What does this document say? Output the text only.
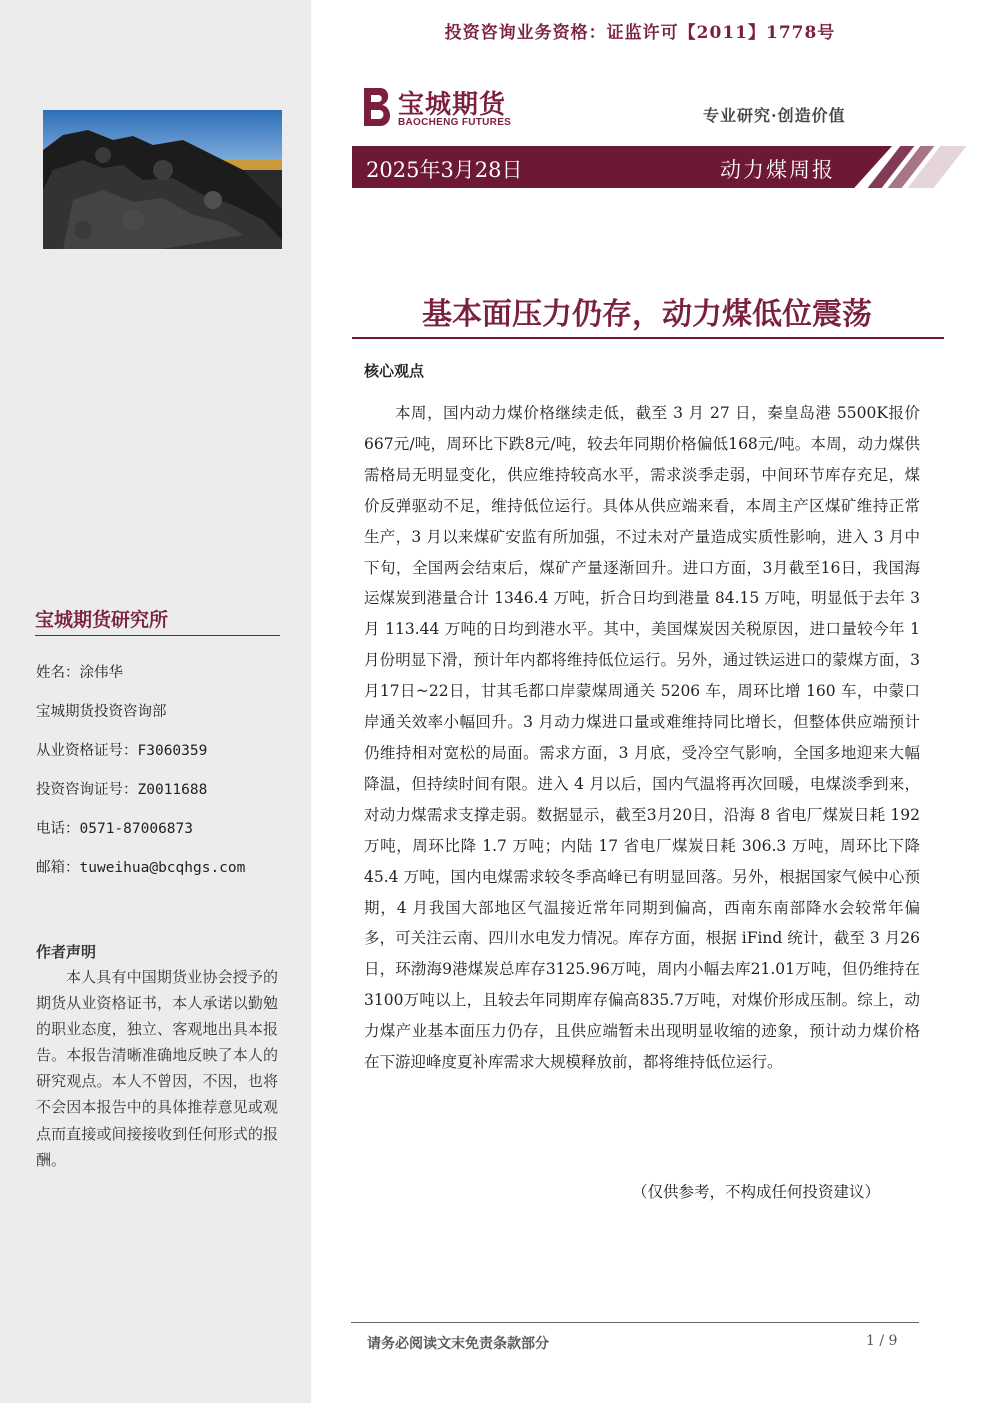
投资咨询业务资格：证监许可【2011】1778号
宝城期货
BAOCHENG FUTURES	专业研究·创造价值
2025年3月28日	动力煤周报
基本面压力仍存，动力煤低位震荡
核心观点

本周，国内动力煤价格继续走低，截至 3 月 27 日，秦皇岛港 5500K报价667元/吨，周环比下跌8元/吨，较去年同期价格偏低168元/吨。本周，动力煤供需格局无明显变化，供应维持较高水平，需求淡季走弱，中间环节库存充足，煤价反弹驱动不足，维持低位运行。具体从供应端来看，本周主产区煤矿维持正常生产，3 月以来煤矿安监有所加强，不过未对产量造成实质性影响，进入 3 月中下旬，全国两会结束后，煤矿产量逐渐回升。进口方面，3月截至16日，我国海运煤炭到港量合计 1346.4 万吨，折合日均到港量 84.15 万吨，明显低于去年 3 月 113.44 万吨的日均到港水平。其中，美国煤炭因关税原因，进口量较今年 1 月份明显下滑，预计年内都将维持低位运行。另外，通过铁运进口的蒙煤方面，3月17日~22日，甘其毛都口岸蒙煤周通关 5206 车，周环比增 160 车，中蒙口岸通关效率小幅回升。3 月动力煤进口量或难维持同比增长，但整体供应端预计仍维持相对宽松的局面。需求方面，3 月底，受冷空气影响，全国多地迎来大幅降温，但持续时间有限。进入 4 月以后，国内气温将再次回暖，电煤淡季到来，对动力煤需求支撑走弱。数据显示，截至3月20日，沿海 8 省电厂煤炭日耗 192 万吨，周环比降 1.7 万吨；内陆 17 省电厂煤炭日耗 306.3 万吨，周环比下降 45.4 万吨，国内电煤需求较冬季高峰已有明显回落。另外，根据国家气候中心预期，4 月我国大部地区气温接近常年同期到偏高，西南东南部降水会较常年偏多，可关注云南、四川水电发力情况。库存方面，根据 iFind 统计，截至 3 月26日，环渤海9港煤炭总库存3125.96万吨，周内小幅去库21.01万吨，但仍维持在3100万吨以上，且较去年同期库存偏高835.7万吨，对煤价形成压制。综上，动力煤产业基本面压力仍存，且供应端暂未出现明显收缩的迹象，预计动力煤价格在下游迎峰度夏补库需求大规模释放前，都将维持低位运行。

（仅供参考，不构成任何投资建议）
宝城期货研究所
姓名：涂伟华
宝城期货投资咨询部
从业资格证号：F3060359
投资咨询证号：Z0011688
电话：0571-87006873
邮箱：tuweihua@bcqhgs.com
作者声明

本人具有中国期货业协会授予的期货从业资格证书，本人承诺以勤勉的职业态度，独立、客观地出具本报告。本报告清晰准确地反映了本人的研究观点。本人不曾因，不因，也将不会因本报告中的具体推荐意见或观点而直接或间接接收到任何形式的报酬。

请务必阅读文末免责条款部分	1 / 9
